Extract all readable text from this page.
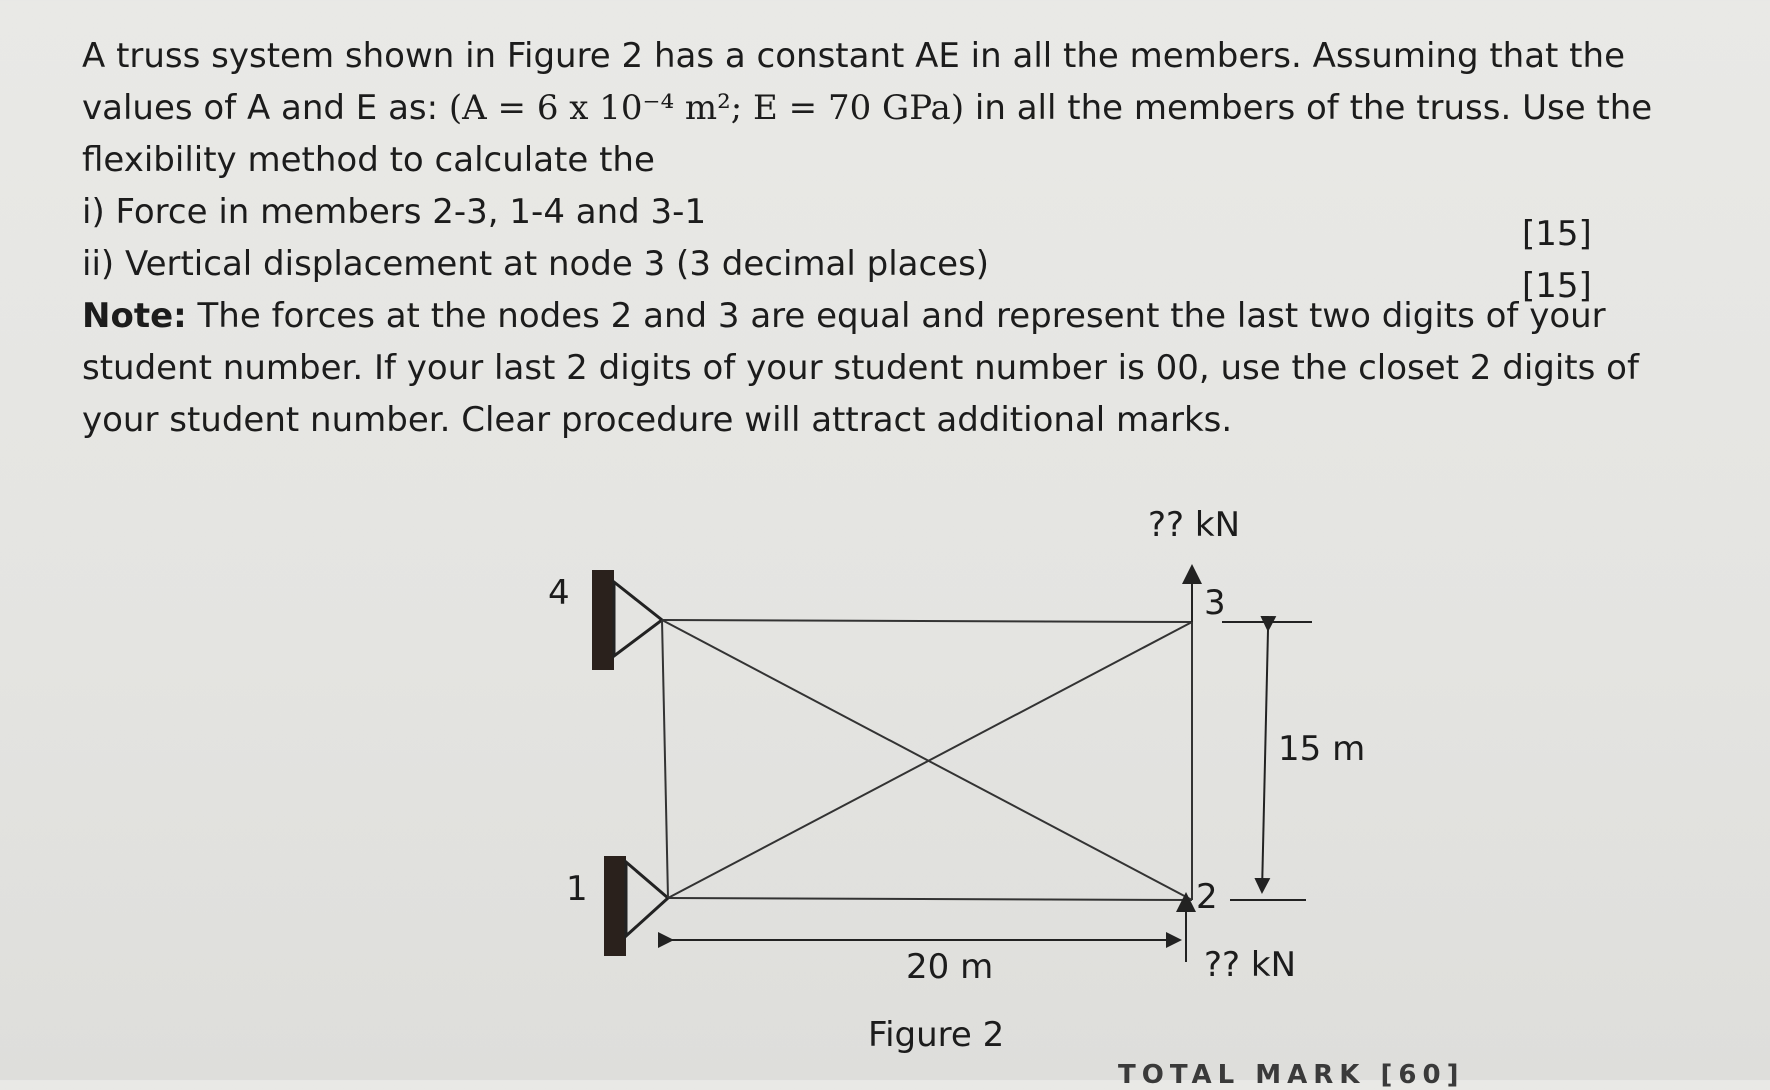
A truss system shown in Figure 2 has a constant AE in all the members. Assuming that the

values of A and E as: (A = 6 x 10⁻⁴ m²; E = 70 GPa) in all the members of the truss. Use the

flexibility method to calculate the

i) Force in members 2-3, 1-4 and 3-1
[15]
ii) Vertical displacement at node 3 (3 decimal places)
[15]

Note: The forces at the nodes 2 and 3 are equal and represent the last two digits of your

student number. If your last 2 digits of your student number is 00, use the closet 2 digits of

your student number. Clear procedure will attract additional marks.

4
1
3
2
?? kN
?? kN
20 m
15 m
Figure 2
TOTAL MARK [60]
